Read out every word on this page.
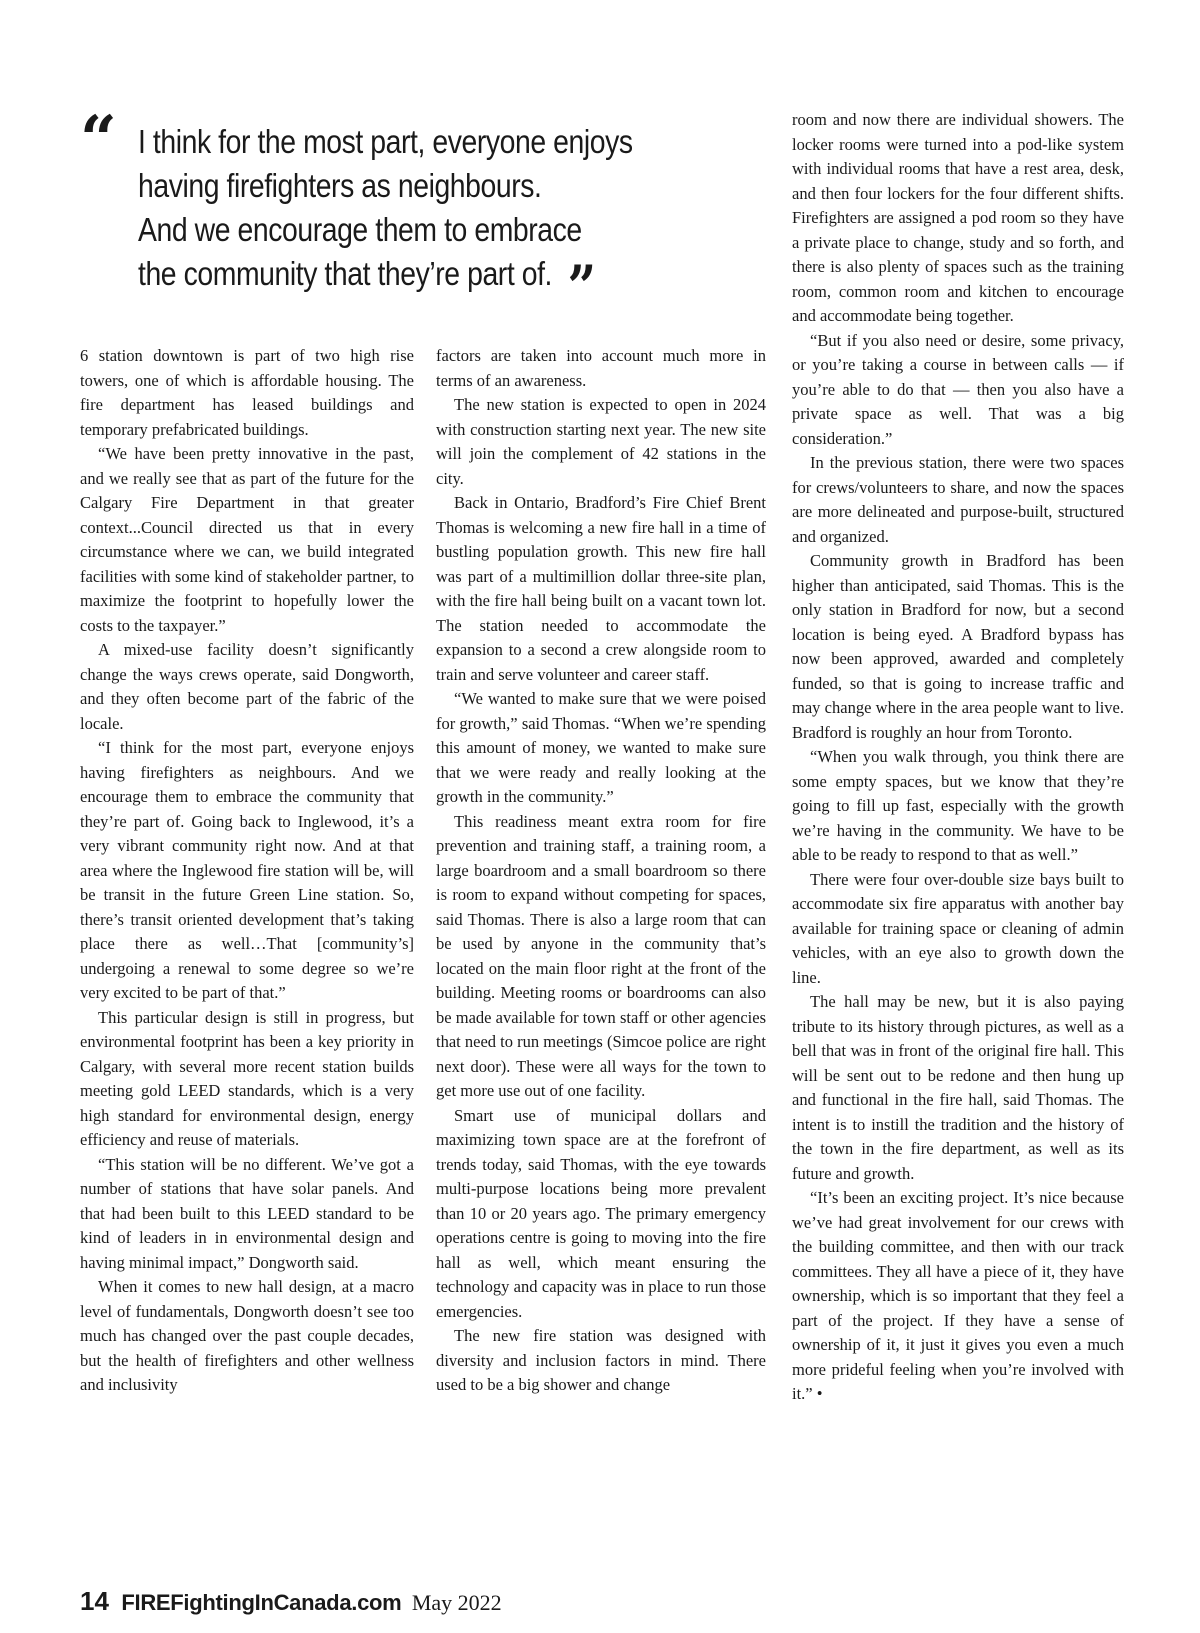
“ I think for the most part, everyone enjoys
having firefighters as neighbours.
And we encourage them to embrace
the community that they’re part of. ”

6 station downtown is part of two high rise towers, one of which is affordable housing. The fire department has leased buildings and temporary prefabricated buildings.

“We have been pretty innovative in the past, and we really see that as part of the future for the Calgary Fire Department in that greater context...Council directed us that in every circumstance where we can, we build integrated facilities with some kind of stakeholder partner, to maximize the footprint to hopefully lower the costs to the taxpayer.”

A mixed-use facility doesn’t significantly change the ways crews operate, said Dongworth, and they often become part of the fabric of the locale.

“I think for the most part, everyone enjoys having firefighters as neighbours. And we encourage them to embrace the community that they’re part of. Going back to Inglewood, it’s a very vibrant community right now. And at that area where the Inglewood fire station will be, will be transit in the future Green Line station. So, there’s transit oriented development that’s taking place there as well…That [community’s] undergoing a renewal to some degree so we’re very excited to be part of that.”

This particular design is still in progress, but environmental footprint has been a key priority in Calgary, with several more recent station builds meeting gold LEED standards, which is a very high standard for environmental design, energy efficiency and reuse of materials.

“This station will be no different. We’ve got a number of stations that have solar panels. And that had been built to this LEED standard to be kind of leaders in in environmental design and having minimal impact,” Dongworth said.

When it comes to new hall design, at a macro level of fundamentals, Dongworth doesn’t see too much has changed over the past couple decades, but the health of firefighters and other wellness and inclusivity

factors are taken into account much more in terms of an awareness.

The new station is expected to open in 2024 with construction starting next year. The new site will join the complement of 42 stations in the city.

Back in Ontario, Bradford’s Fire Chief Brent Thomas is welcoming a new fire hall in a time of bustling population growth. This new fire hall was part of a multimillion dollar three-site plan, with the fire hall being built on a vacant town lot. The station needed to accommodate the expansion to a second a crew alongside room to train and serve volunteer and career staff.

“We wanted to make sure that we were poised for growth,” said Thomas. “When we’re spending this amount of money, we wanted to make sure that we were ready and really looking at the growth in the community.”

This readiness meant extra room for fire prevention and training staff, a training room, a large boardroom and a small boardroom so there is room to expand without competing for spaces, said Thomas. There is also a large room that can be used by anyone in the community that’s located on the main floor right at the front of the building. Meeting rooms or boardrooms can also be made available for town staff or other agencies that need to run meetings (Simcoe police are right next door). These were all ways for the town to get more use out of one facility.

Smart use of municipal dollars and maximizing town space are at the forefront of trends today, said Thomas, with the eye towards multi-purpose locations being more prevalent than 10 or 20 years ago. The primary emergency operations centre is going to moving into the fire hall as well, which meant ensuring the technology and capacity was in place to run those emergencies.

The new fire station was designed with diversity and inclusion factors in mind. There used to be a big shower and change

room and now there are individual showers. The locker rooms were turned into a pod-like system with individual rooms that have a rest area, desk, and then four lockers for the four different shifts. Firefighters are assigned a pod room so they have a private place to change, study and so forth, and there is also plenty of spaces such as the training room, common room and kitchen to encourage and accommodate being together.

“But if you also need or desire, some privacy, or you’re taking a course in between calls — if you’re able to do that — then you also have a private space as well. That was a big consideration.”

In the previous station, there were two spaces for crews/volunteers to share, and now the spaces are more delineated and purpose-built, structured and organized.

Community growth in Bradford has been higher than anticipated, said Thomas. This is the only station in Bradford for now, but a second location is being eyed. A Bradford bypass has now been approved, awarded and completely funded, so that is going to increase traffic and may change where in the area people want to live. Bradford is roughly an hour from Toronto.

“When you walk through, you think there are some empty spaces, but we know that they’re going to fill up fast, especially with the growth we’re having in the community. We have to be able to be ready to respond to that as well.”

There were four over-double size bays built to accommodate six fire apparatus with another bay available for training space or cleaning of admin vehicles, with an eye also to growth down the line.

The hall may be new, but it is also paying tribute to its history through pictures, as well as a bell that was in front of the original fire hall. This will be sent out to be redone and then hung up and functional in the fire hall, said Thomas. The intent is to instill the tradition and the history of the town in the fire department, as well as its future and growth.

“It’s been an exciting project. It’s nice because we’ve had great involvement for our crews with the building committee, and then with our track committees. They all have a piece of it, they have ownership, which is so important that they feel a part of the project. If they have a sense of ownership of it, it just it gives you even a much more prideful feeling when you’re involved with it.” •

14 FIREFightingInCanada.com May 2022
